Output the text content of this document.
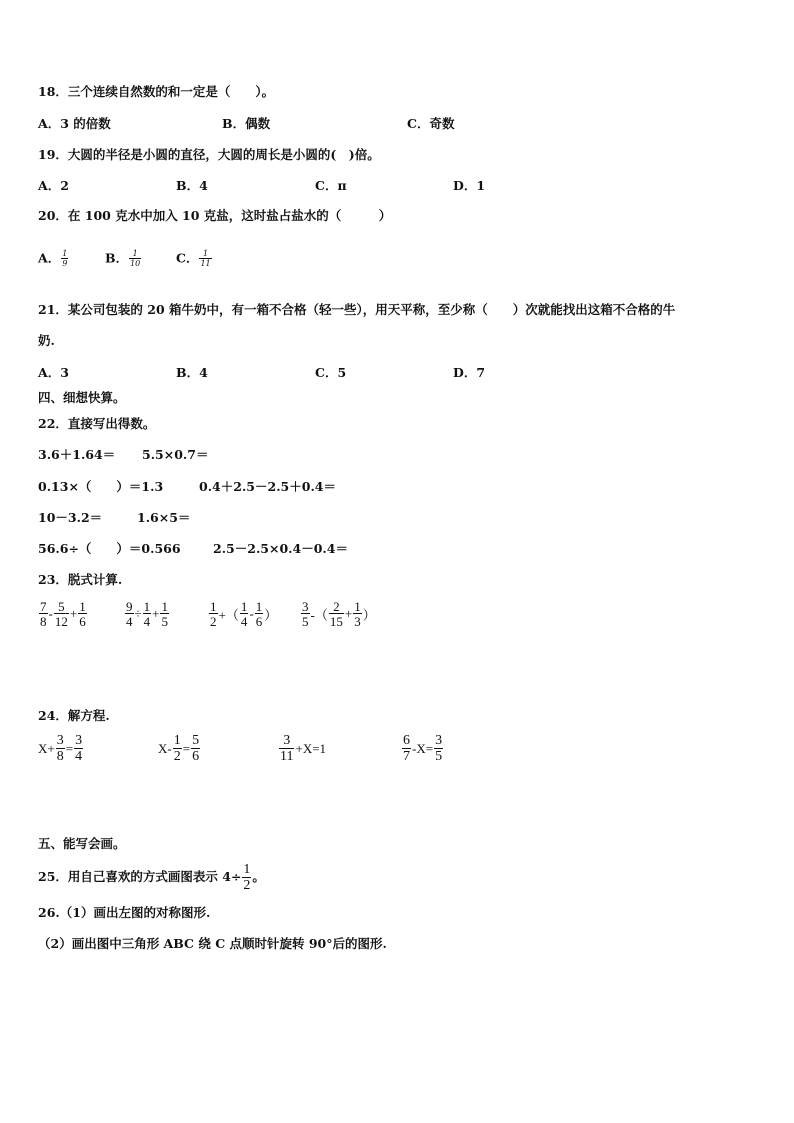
18．三个连续自然数的和一定是（　　）。
A．3 的倍数	B．偶数	C．奇数
19．大圆的半径是小圆的直径，大圆的周长是小圆的(　)倍。
A．2	B．4	C．π	D．1
20．在 100 克水中加入 10 克盐，这时盐占盐水的（　　　）
A． $\frac{1}{9}$	B． $\frac{1}{10}$	C． $\frac{1}{11}$
21．某公司包装的 20 箱牛奶中，有一箱不合格（轻一些），用天平称，至少称（　　）次就能找出这箱不合格的牛
奶.
A．3	B．4	C．5	D．7
四、细想快算。
22．直接写出得数。
3.6＋1.64＝ 5.5×0.7＝
0.13×（　　）＝1.3	0.4＋2.5－2.5＋0.4＝
10－3.2＝	1.6×5＝
56.6÷（　　）＝0.566	2.5－2.5×0.4－0.4＝
23．脱式计算.
$\frac{7}{8} - \frac{5}{12} + \frac{1}{6}$	$\frac{9}{4} \div \frac{1}{4} + \frac{1}{5}$	$\frac{1}{2}$ +（ $\frac{1}{4} - \frac{1}{6}$ ） $\frac{3}{5}$ -（ $\frac{2}{15} + \frac{1}{3}$ ）
24．解方程.
$X+ \frac{3}{8} = \frac{3}{4}$	$X- \frac{1}{2} = \frac{5}{6}$	$\frac{3}{11} +X=1$	$\frac{6}{7} -X= \frac{3}{5}$
五、能写会画。
25．用自己喜欢的方式画图表示 $4\div \frac{1}{2}$ 。
26.（1）画出左图的对称图形.
（2）画出图中三角形 ABC 绕 C 点顺时针旋转 90°后的图形.
